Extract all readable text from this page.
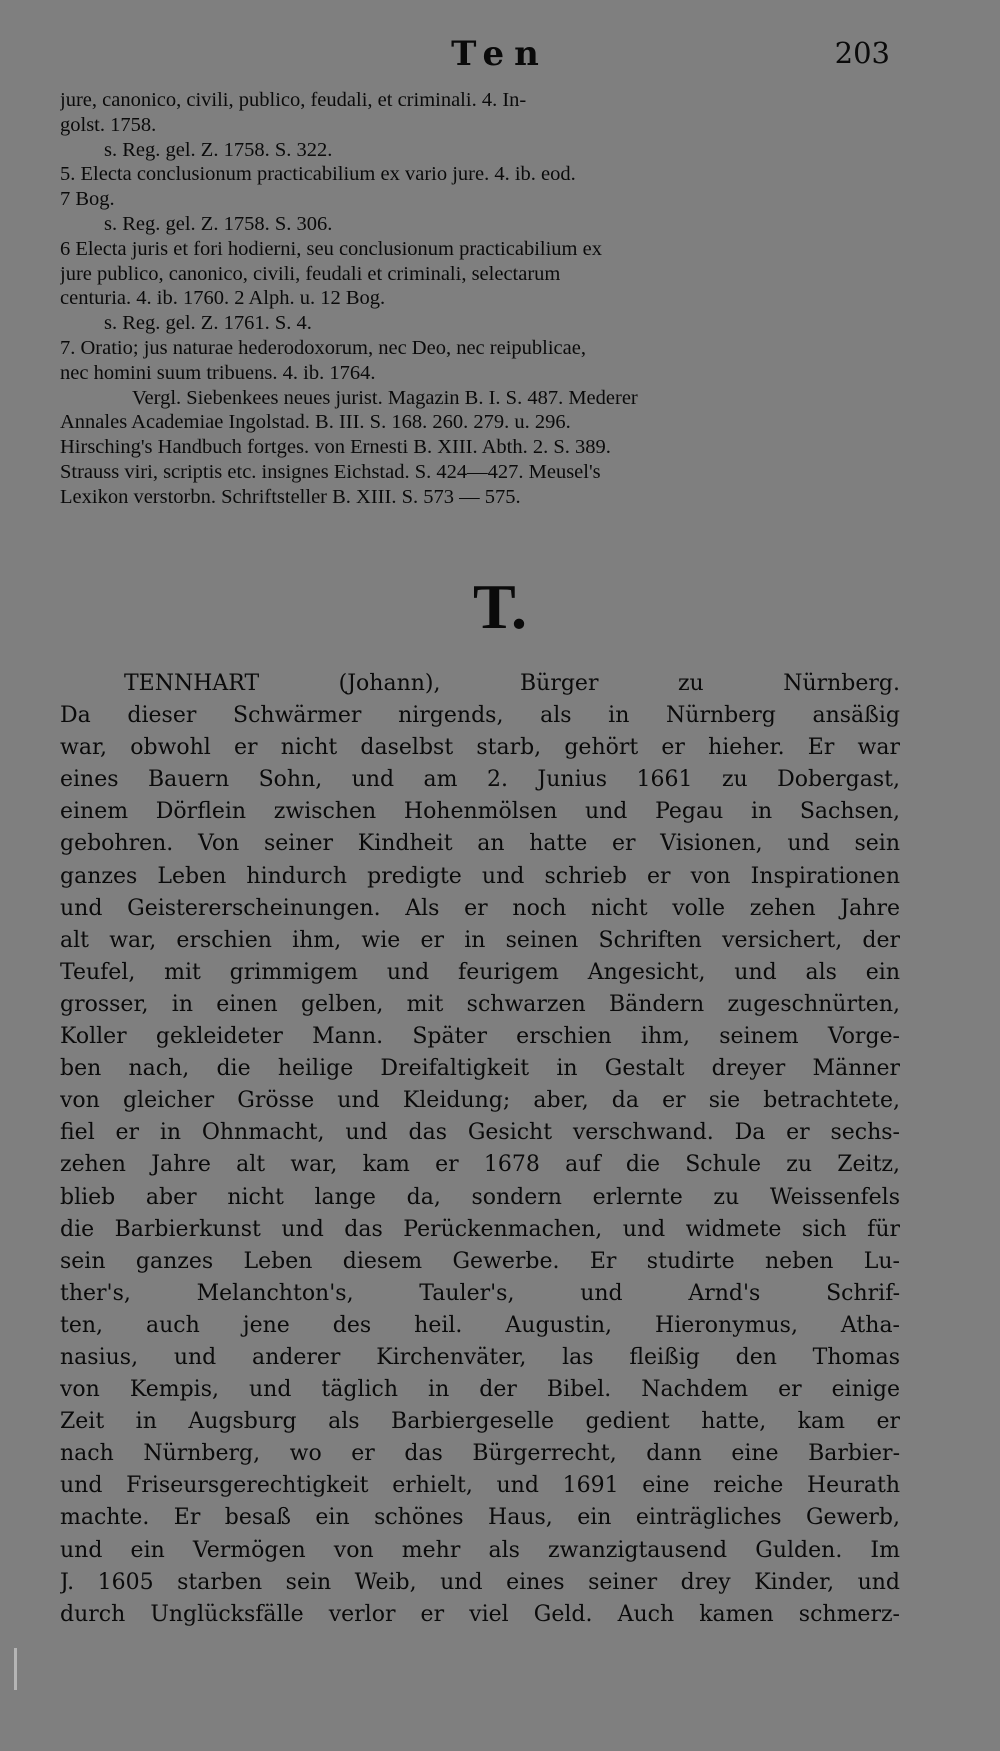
Ten	203
jure, canonico, civili, publico, feudali, et criminali. 4. In-
golst. 1758.
s. Reg. gel. Z. 1758. S. 322.
5. Electa conclusionum practicabilium ex vario jure. 4. ib. eod.
7 Bog.
s. Reg. gel. Z. 1758. S. 306.
6 Electa juris et fori hodierni, seu conclusionum practicabilium ex
jure publico, canonico, civili, feudali et criminali, selectarum
centuria. 4. ib. 1760. 2 Alph. u. 12 Bog.
s. Reg. gel. Z. 1761. S. 4.
7. Oratio; jus naturae hederodoxorum, nec Deo, nec reipublicae,
nec homini suum tribuens. 4. ib. 1764.
Vergl. Siebenkees neues jurist. Magazin B. I. S. 487. Mederer
Annales Academiae Ingolstad. B. III. S. 168. 260. 279. u. 296.
Hirsching's Handbuch fortges. von Ernesti B. XIII. Abth. 2. S. 389.
Strauss viri, scriptis etc. insignes Eichstad. S. 424—427. Meusel's
Lexikon verstorbn. Schriftsteller B. XIII. S. 573 — 575.
T.
TENNHART (Johann), Bürger zu Nürnberg.
Da dieser Schwärmer nirgends, als in Nürnberg ansäßig
war, obwohl er nicht daselbst starb, gehört er hieher. Er war
eines Bauern Sohn, und am 2. Junius 1661 zu Dobergast,
einem Dörflein zwischen Hohenmölsen und Pegau in Sachsen,
gebohren. Von seiner Kindheit an hatte er Visionen, und sein
ganzes Leben hindurch predigte und schrieb er von Inspirationen
und Geistererscheinungen. Als er noch nicht volle zehen Jahre
alt war, erschien ihm, wie er in seinen Schriften versichert, der
Teufel, mit grimmigem und feurigem Angesicht, und als ein
grosser, in einen gelben, mit schwarzen Bändern zugeschnürten,
Koller gekleideter Mann. Später erschien ihm, seinem Vorge-
ben nach, die heilige Dreifaltigkeit in Gestalt dreyer Männer
von gleicher Grösse und Kleidung; aber, da er sie betrachtete,
fiel er in Ohnmacht, und das Gesicht verschwand. Da er sechs-
zehen Jahre alt war, kam er 1678 auf die Schule zu Zeitz,
blieb aber nicht lange da, sondern erlernte zu Weissenfels
die Barbierkunst und das Perückenmachen, und widmete sich für
sein ganzes Leben diesem Gewerbe. Er studirte neben Lu-
ther's, Melanchton's, Tauler's, und Arnd's Schrif-
ten, auch jene des heil. Augustin, Hieronymus, Atha-
nasius, und anderer Kirchenväter, las fleißig den Thomas
von Kempis, und täglich in der Bibel. Nachdem er einige
Zeit in Augsburg als Barbiergeselle gedient hatte, kam er
nach Nürnberg, wo er das Bürgerrecht, dann eine Barbier-
und Friseursgerechtigkeit erhielt, und 1691 eine reiche Heurath
machte. Er besaß ein schönes Haus, ein einträgliches Gewerb,
und ein Vermögen von mehr als zwanzigtausend Gulden. Im
J. 1605 starben sein Weib, und eines seiner drey Kinder, und
durch Unglücksfälle verlor er viel Geld. Auch kamen schmerz-
